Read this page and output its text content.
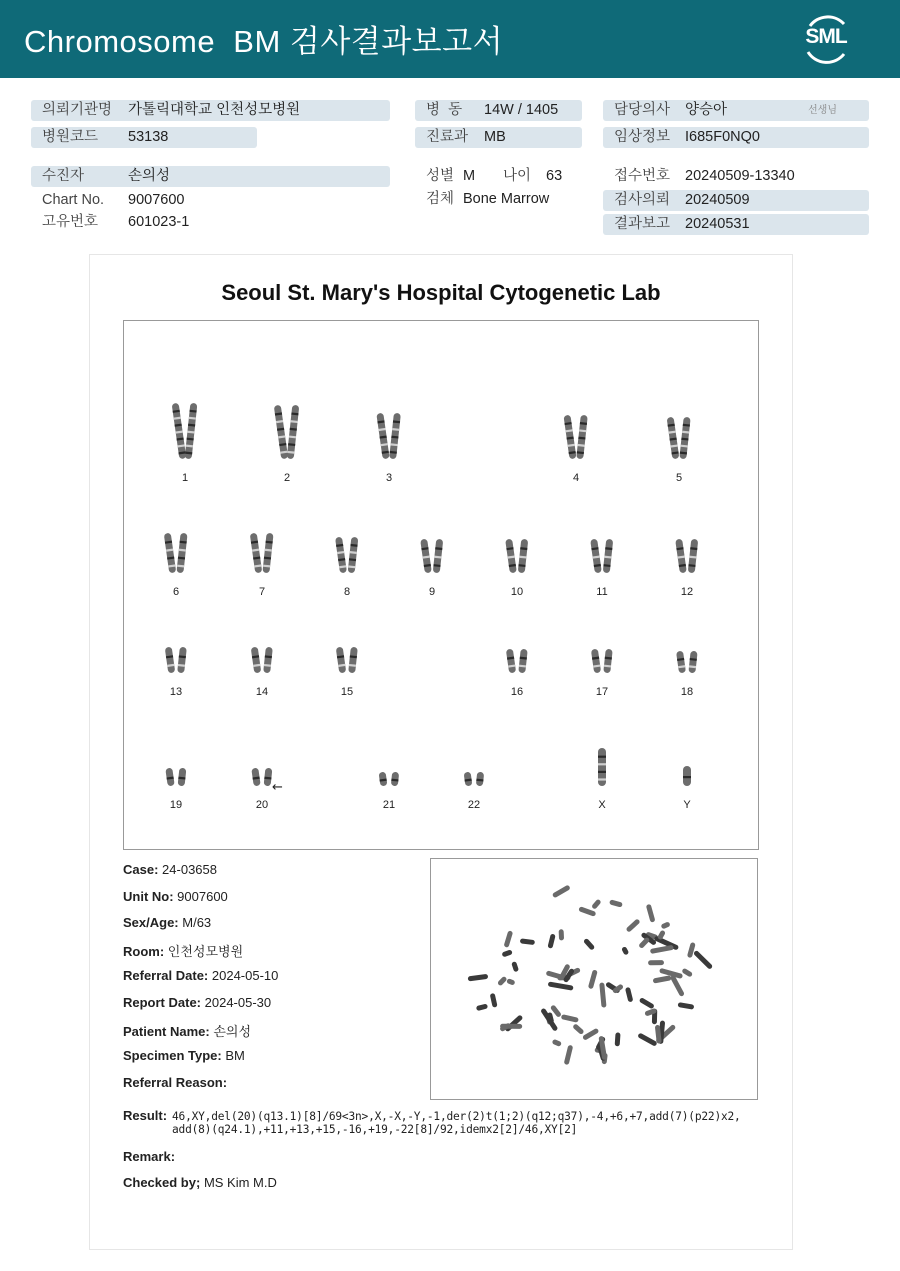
Chromosome  BM 검사결과보고서	SML
의뢰기관명 가톨릭대학교 인천성모병원
병원코드 53138
수진자	손의성
Chart No. 9007600
고유번호 601023-1
병  동 14W / 1405
진료과 MB
성별 M 나이 63
검체 Bone Marrow
담당의사 양승아	선생님
임상정보 I685F0NQ0
접수번호 20240509-13340
검사의뢰 20240509
결과보고 20240531
Seoul St. Mary's Hospital Cytogenetic Lab
1	2	3	4	5
6	7	8	9	10	11	12
13	14	15	16	17	18
19	20	21	22	X	Y
←
Case: 24-03658
Unit No: 9007600
Sex/Age: M/63
Room: 인천성모병원
Referral Date: 2024-05-10
Report Date: 2024-05-30
Patient Name: 손의성
Specimen Type: BM
Referral Reason:
Result: 46,XY,del(20)(q13.1)[8]/69<3n>,X,-X,-Y,-1,der(2)t(1;2)(q12;q37),-4,+6,+7,add(7)(p22)x2,
add(8)(q24.1),+11,+13,+15,-16,+19,-22[8]/92,idemx2[2]/46,XY[2]
Remark:
Checked by; MS Kim M.D
